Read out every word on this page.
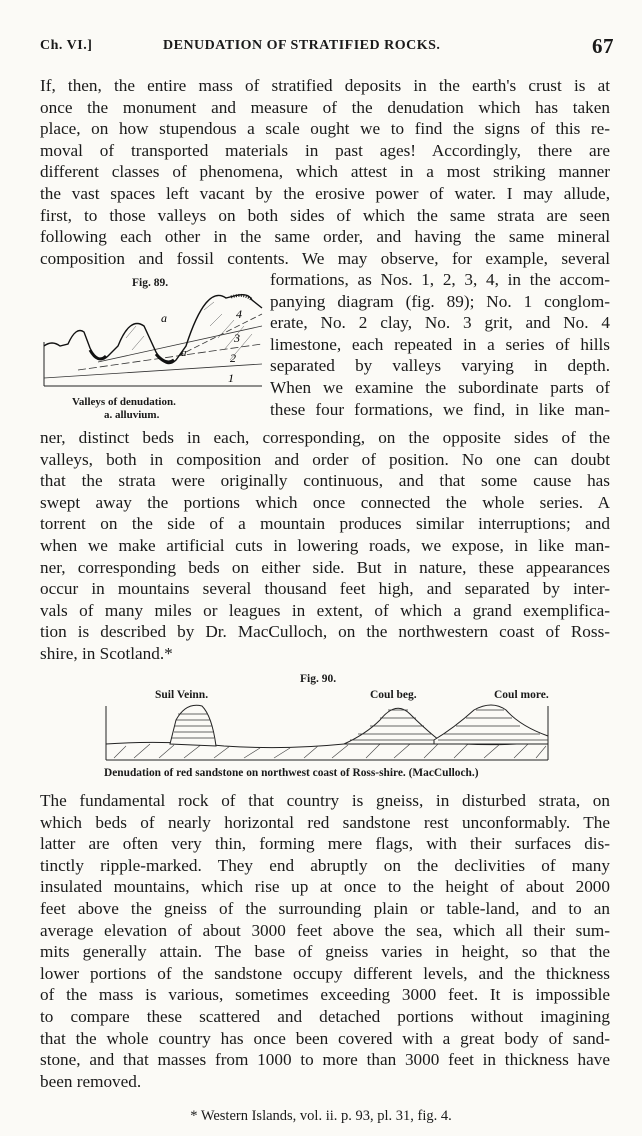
Ch. VI.]	DENUDATION OF STRATIFIED ROCKS.	67
If, then, the entire mass of stratified deposits in the earth's crust is at
once the monument and measure of the denudation which has taken
place, on how stupendous a scale ought we to find the signs of this re-
moval of transported materials in past ages! Accordingly, there are
different classes of phenomena, which attest in a most striking manner
the vast spaces left vacant by the erosive power of water. I may allude,
first, to those valleys on both sides of which the same strata are seen
following each other in the same order, and having the same mineral
composition and fossil contents. We may observe, for example, several
Fig. 89.
a
a
1
2
3
4
Valleys of denudation.
a. alluvium.
formations, as Nos. 1, 2, 3, 4, in the accom-
panying diagram (fig. 89); No. 1 conglom-
erate, No. 2 clay, No. 3 grit, and No. 4
limestone, each repeated in a series of hills
separated by valleys varying in depth.
When we examine the subordinate parts of
these four formations, we find, in like man-
ner, distinct beds in each, corresponding, on the opposite sides of the
valleys, both in composition and order of position. No one can doubt
that the strata were originally continuous, and that some cause has
swept away the portions which once connected the whole series. A
torrent on the side of a mountain produces similar interruptions; and
when we make artificial cuts in lowering roads, we expose, in like man-
ner, corresponding beds on either side. But in nature, these appearances
occur in mountains several thousand feet high, and separated by inter-
vals of many miles or leagues in extent, of which a grand exemplifica-
tion is described by Dr. MacCulloch, on the northwestern coast of Ross-
shire, in Scotland.*
Fig. 90.
Suil Veinn.	Coul beg.	Coul more.
Denudation of red sandstone on northwest coast of Ross-shire. (MacCulloch.)
The fundamental rock of that country is gneiss, in disturbed strata, on
which beds of nearly horizontal red sandstone rest unconformably. The
latter are often very thin, forming mere flags, with their surfaces dis-
tinctly ripple-marked. They end abruptly on the declivities of many
insulated mountains, which rise up at once to the height of about 2000
feet above the gneiss of the surrounding plain or table-land, and to an
average elevation of about 3000 feet above the sea, which all their sum-
mits generally attain. The base of gneiss varies in height, so that the
lower portions of the sandstone occupy different levels, and the thickness
of the mass is various, sometimes exceeding 3000 feet. It is impossible
to compare these scattered and detached portions without imagining
that the whole country has once been covered with a great body of sand-
stone, and that masses from 1000 to more than 3000 feet in thickness have
been removed.
* Western Islands, vol. ii. p. 93, pl. 31, fig. 4.
